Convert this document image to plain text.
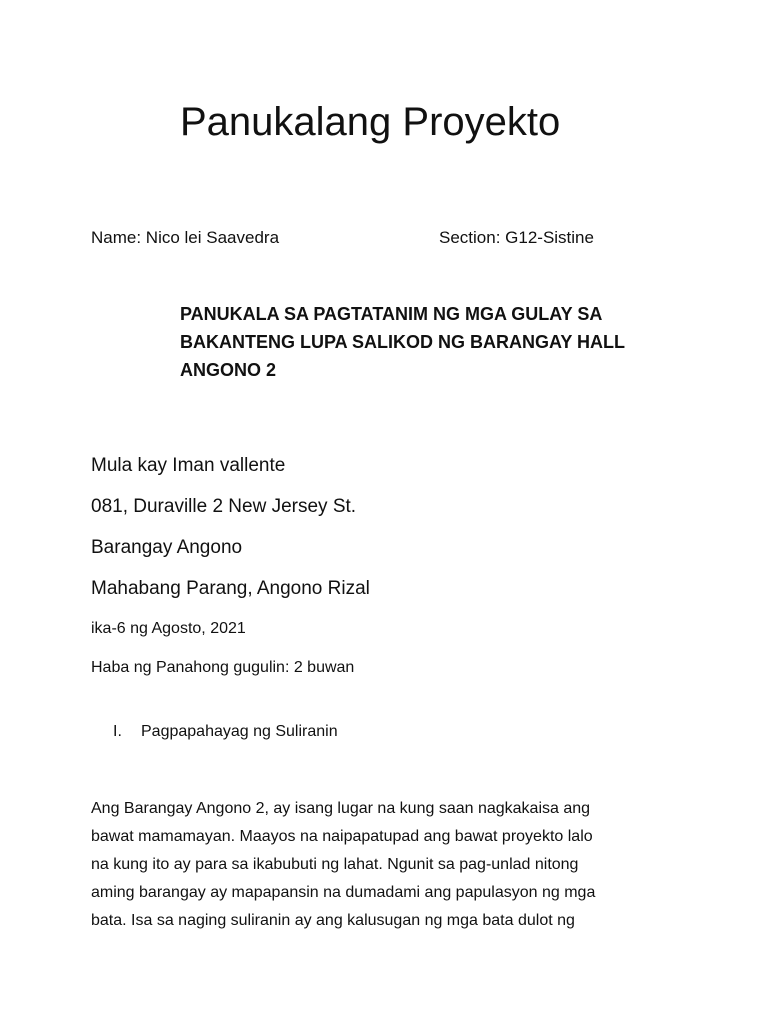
Panukalang Proyekto
Name: Nico lei Saavedra	Section: G12-Sistine
PANUKALA SA PAGTATANIM NG MGA GULAY SA
BAKANTENG LUPA SALIKOD NG BARANGAY HALL
ANGONO 2
Mula kay Iman vallente
081, Duraville 2 New Jersey St.
Barangay Angono
Mahabang Parang, Angono Rizal
ika-6 ng Agosto, 2021
Haba ng Panahong gugulin: 2 buwan
I. Pagpapahayag ng Suliranin
Ang Barangay Angono 2, ay isang lugar na kung saan nagkakaisa ang
bawat mamamayan. Maayos na naipapatupad ang bawat proyekto lalo
na kung ito ay para sa ikabubuti ng lahat. Ngunit sa pag-unlad nitong
aming barangay ay mapapansin na dumadami ang papulasyon ng mga
bata. Isa sa naging suliranin ay ang kalusugan ng mga bata dulot ng
